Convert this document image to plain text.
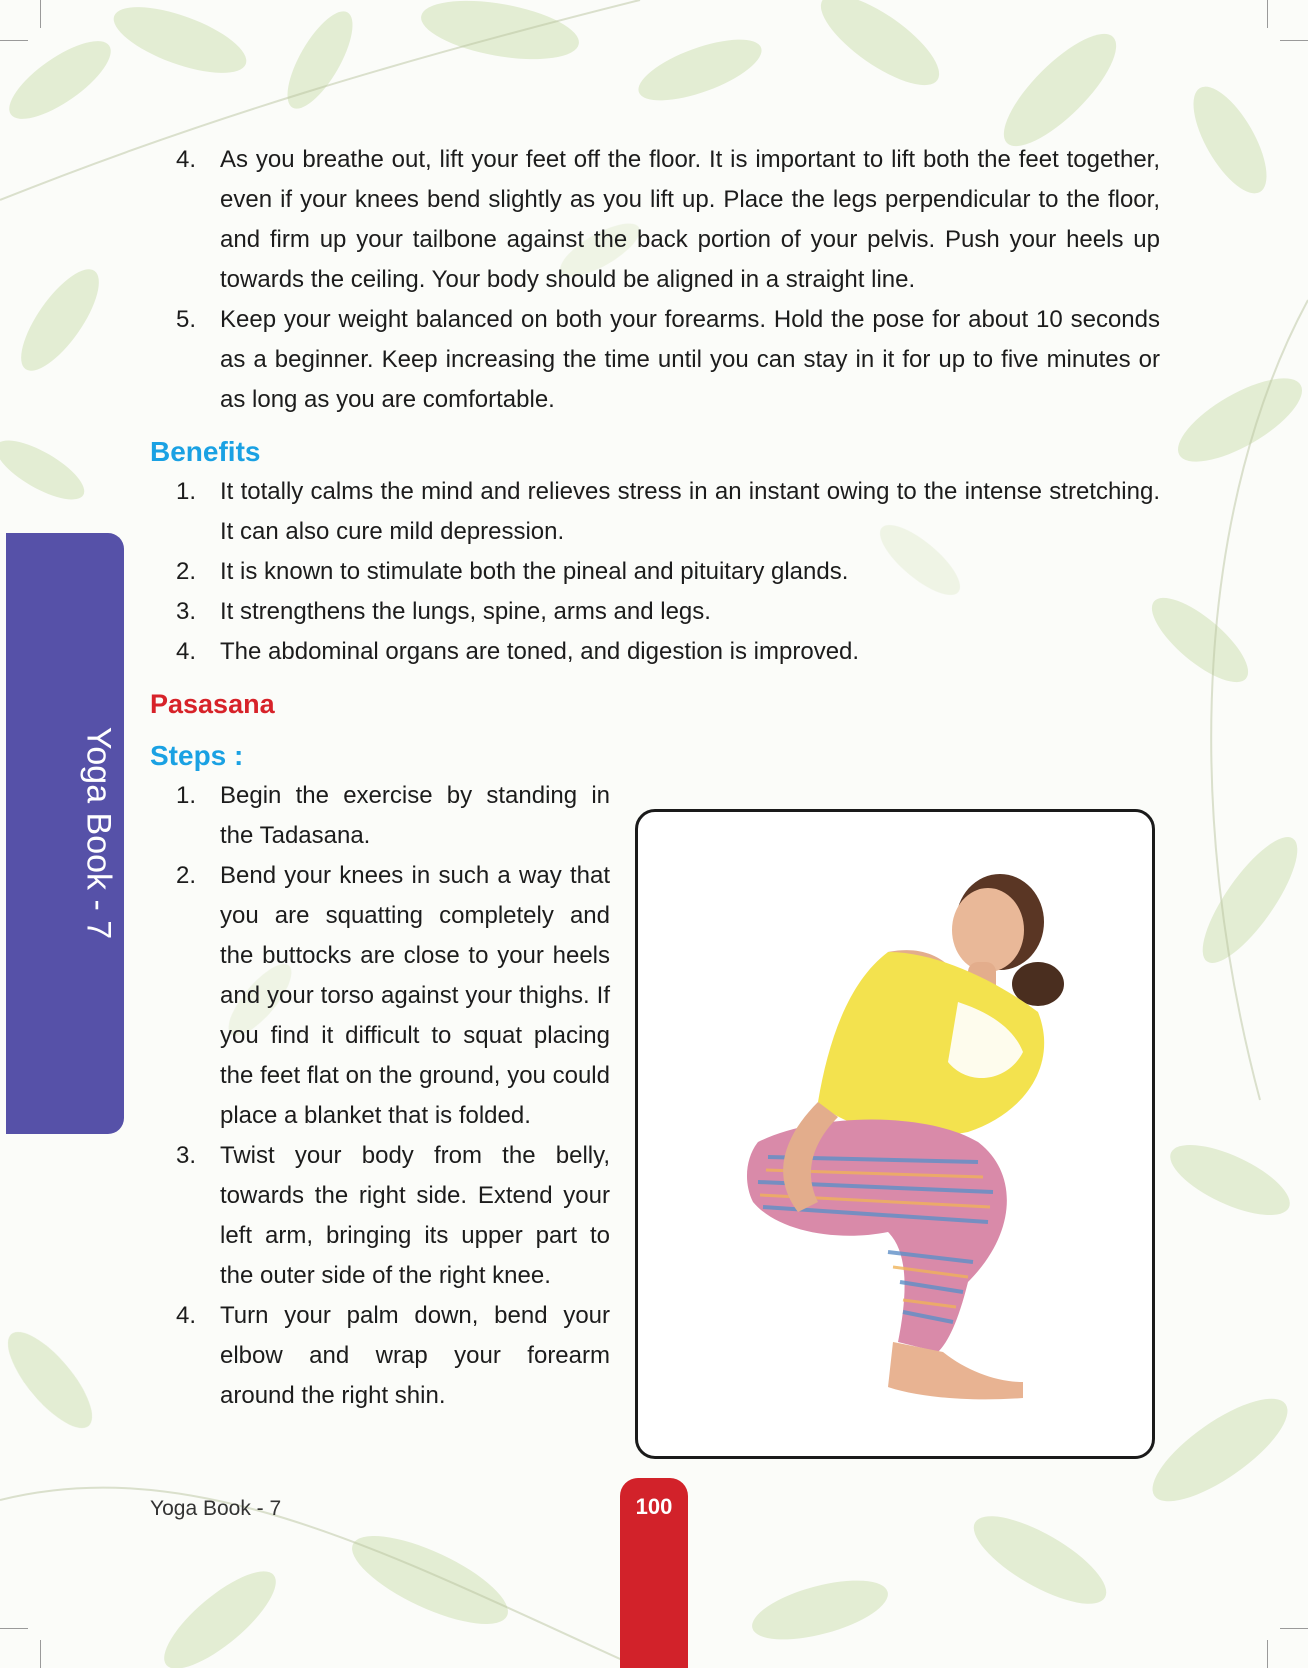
Yoga Book - 7
4. As you breathe out, lift your feet off the floor. It is important to lift both the feet together, even if your knees bend slightly as you lift up. Place the legs perpendicular to the floor, and firm up your tailbone against the back portion of your pelvis. Push your heels up towards the ceiling. Your body should be aligned in a straight line.
5. Keep your weight balanced on both your forearms. Hold the pose for about 10 seconds as a beginner. Keep increasing the time until you can stay in it for up to five minutes or as long as you are comfortable.
Benefits
1. It totally calms the mind and relieves stress in an instant owing to the intense stretching. It can also cure mild depression.
2. It is known to stimulate both the pineal and pituitary glands.
3. It strengthens the lungs, spine, arms and legs.
4. The abdominal organs are toned, and digestion is improved.
Pasasana
Steps :
1. Begin the exercise by standing in the Tadasana.
2. Bend your knees in such a way that you are squatting completely and the buttocks are close to your heels and your torso against your thighs. If you find it difficult to squat placing the feet flat on the ground, you could place a blanket that is folded.
3. Twist your body from the belly, towards the right side. Extend your left arm, bringing its upper part to the outer side of the right knee.
4. Turn your palm down, bend your elbow and wrap your forearm around the right shin.
Yoga Book - 7	100
